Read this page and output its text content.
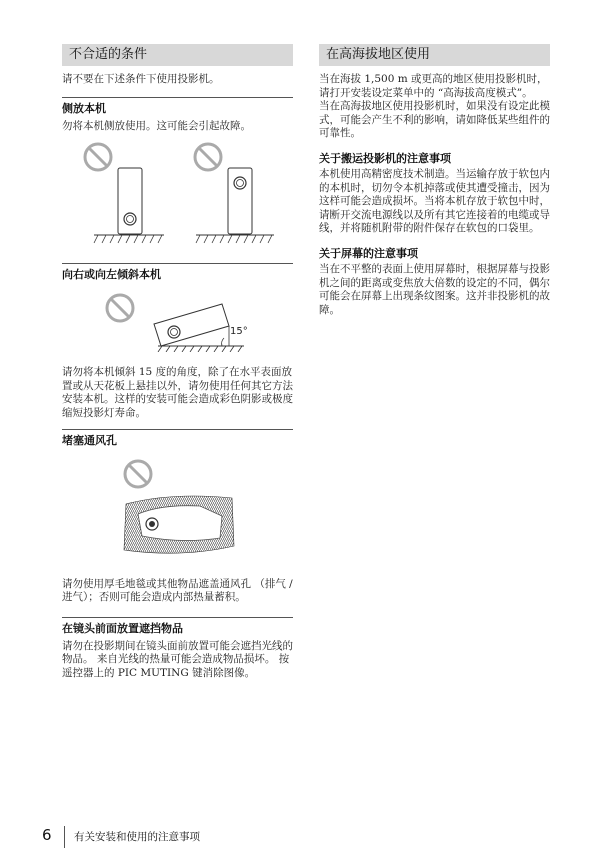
不合适的条件
请不要在下述条件下使用投影机。
侧放本机
勿将本机侧放使用。这可能会引起故障。
向右或向左倾斜本机
15°
请勿将本机倾斜 15 度的角度，除了在水平表面放置或从天花板上悬挂以外，请勿使用任何其它方法安装本机。这样的安装可能会造成彩色阴影或极度缩短投影灯寿命。
堵塞通风孔
请勿使用厚毛地毯或其他物品遮盖通风孔 （排气 / 进气）；否则可能会造成内部热量蓄积。
在镜头前面放置遮挡物品
请勿在投影期间在镜头面前放置可能会遮挡光线的物品。 来自光线的热量可能会造成物品损坏。 按遥控器上的 PIC MUTING 键消除图像。
在高海拔地区使用
当在海拔 1,500 m 或更高的地区使用投影机时，请打开安装设定菜单中的 “高海拔高度模式”。
当在高海拔地区使用投影机时，如果没有设定此模式，可能会产生不利的影响，请如降低某些组件的可靠性。
关于搬运投影机的注意事项
本机使用高精密度技术制造。当运输存放于软包内的本机时，切勿令本机掉落或使其遭受撞击，因为这样可能会造成损坏。当将本机存放于软包中时，请断开交流电源线以及所有其它连接着的电缆或导线，并将随机附带的附件保存在软包的口袋里。
关于屏幕的注意事项
当在不平整的表面上使用屏幕时，根据屏幕与投影机之间的距离或变焦放大倍数的设定的不同，偶尔可能会在屏幕上出现条纹图案。这并非投影机的故障。
6 有关安装和使用的注意事项
